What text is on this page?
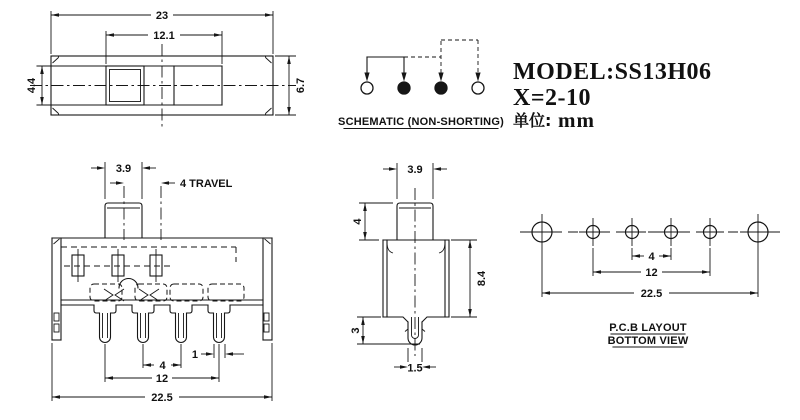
23
12.1
4.4	6.7
SCHEMATIC (NON-SHORTING)
MODEL:SS13H06
X=2-10
单位: mm
3.9
4 TRAVEL
4
1
12
22.5
3.9
4
8.4
3
1.5
4
12
22.5
P.C.B LAYOUT
BOTTOM VIEW
